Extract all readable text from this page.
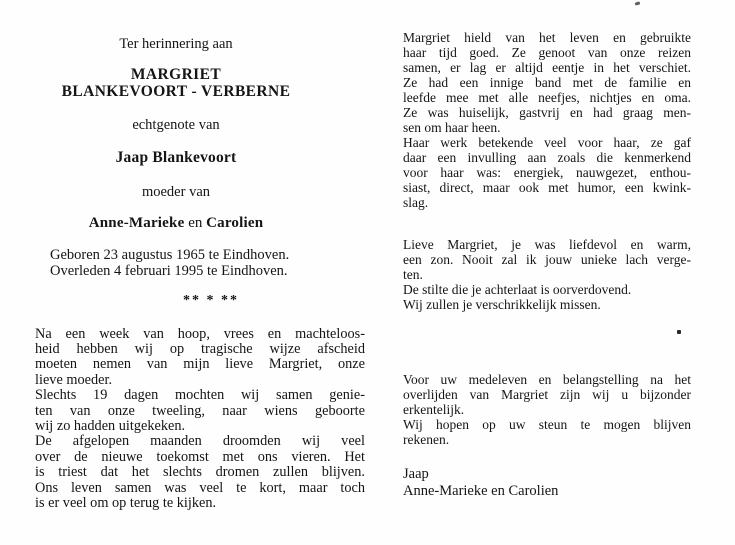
Ter herinnering aan
MARGRIET
BLANKEVOORT - VERBERNE
echtgenote van
Jaap Blankevoort
moeder van
Anne-Marieke en Carolien
Geboren 23 augustus 1965 te Eindhoven.
Overleden 4 februari 1995 te Eindhoven.
** * **
Na een week van hoop, vrees en machteloos-
heid hebben wij op tragische wijze afscheid
moeten nemen van mijn lieve Margriet, onze
lieve moeder.
Slechts 19 dagen mochten wij samen genie-
ten van onze tweeling, naar wiens geboorte
wij zo hadden uitgekeken.
De afgelopen maanden droomden wij veel
over de nieuwe toekomst met ons vieren. Het
is triest dat het slechts dromen zullen blijven.
Ons leven samen was veel te kort, maar toch
is er veel om op terug te kijken.
Margriet hield van het leven en gebruikte
haar tijd goed. Ze genoot van onze reizen
samen, er lag er altijd eentje in het verschiet.
Ze had een innige band met de familie en
leefde mee met alle neefjes, nichtjes en oma.
Ze was huiselijk, gastvrij en had graag men-
sen om haar heen.
Haar werk betekende veel voor haar, ze gaf
daar een invulling aan zoals die kenmerkend
voor haar was: energiek, nauwgezet, enthou-
siast, direct, maar ook met humor, een kwink-
slag.
Lieve Margriet, je was liefdevol en warm,
een zon. Nooit zal ik jouw unieke lach verge-
ten.
De stilte die je achterlaat is oorverdovend.
Wij zullen je verschrikkelijk missen.
Voor uw medeleven en belangstelling na het
overlijden van Margriet zijn wij u bijzonder
erkentelijk.
Wij hopen op uw steun te mogen blijven
rekenen.
Jaap
Anne-Marieke en Carolien
